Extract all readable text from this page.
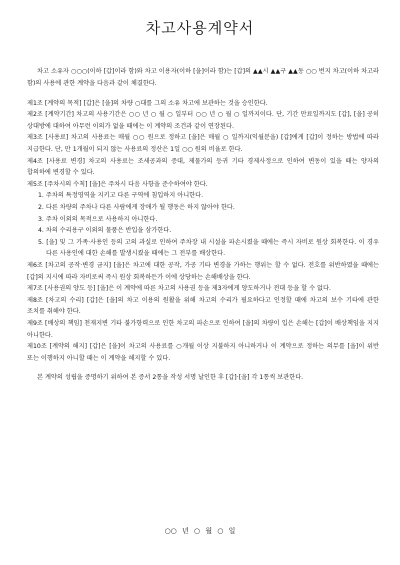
차고사용계약서

차고 소유자 ○○○(이하 [갑]이라 함)와 차고 이용자(이하 [을]이라 함)는 [갑]의 ▲▲시 ▲▲구 ▲▲동 ○○ 번지 차고(이하 차고라 함)의 사용에 관한 계약을 다음과 같이 체결한다.

제1조 [계약의 목적] [갑]은 [을]의 차량 ○대를 그의 소유 차고에 보관하는 것을 승인한다.

제2조 [계약기간] 차고의 사용기간은 ○○ 년 ○ 월 ○ 일부터 ○○ 년 ○ 월 ○ 일까지이다. 단, 기간 만료일까지도 [갑], [을] 공히 상대방에 대하여 아무런 이의가 없을 때에는 이 계약의 조건과 같이 연장된다.

제3조 [사용료] 차고의 사용료는 매월 ○○ 원으로 정하고 [을]은 매월 ○ 일까지(익월분을) [갑]에게 [갑]이 정하는 방법에 따라 지급한다. 단, 만 1개월이 되지 않는 사용료의 정산은 1일 ○○ 원의 비율로 한다.

제4조 [사용료 변경] 차고의 사용료는 조세공과의 증대, 제물가의 등귀 기타 경제사정으로 인하여 변동이 있을 때는 양자의 합의하에 변경할 수 있다.

제5조 [주차시의 수칙] [을]은 주차시 다음 사항을 준수하여야 한다.

1. 주차의 특정영역을 지키고 다른 구역에 침입하지 아니한다.
2. 다른 차량의 주차나 다른 사람에게 장애가 될 행동은 하지 않아야 한다.
3. 주차 이외의 목적으로 사용하지 아니한다.
4. 차의 수리용구 이외의 물품은 반입을 삼가한다.
5. [을] 및 그 가족·사용인 등의 고의 과실로 인하여 주차장 내 시설을 파손시켰을 때에는 즉시 자비로 원상 회복한다. 이 경우 다른 사용인에 대한 손해를 발생시켰을 때에는 그 전부를 배상한다.

제6조 [차고의 공작·변경 금지] [을]은 차고에 대한 공작, 가공 기타 변경을 가하는 행위는 할 수 없다. 전호를 위반하였을 때에는 [갑]의 지시에 따라 자비로써 즉시 원상 회복하든가 이에 상당하는 손해배상을 한다.

제7조 [사용권의 양도 등] [을]은 이 계약에 따른 차고의 사용권 등을 제3자에게 양도하거나 전대 등을 할 수 없다.

제8조 [차고의 수리] [갑]은 [을]의 차고 이용의 원활을 위해 차고의 수리가 필요하다고 인정할 때에 차고의 보수 기타에 관한 조치를 취해야 한다.

제9조 [배상의 책임] 천재지변 기타 불가항력으로 인한 차고의 파손으로 인하여 [을]의 차량이 입은 손해는 [갑]이 배상책임을 지지 아니한다.

제10조 [계약의 해지] [갑]은 [을]이 차고의 사용료를 ○개월 이상 지불하지 아니하거나 이 계약으로 정하는 의무를 [을]이 위반 또는 이행하지 아니할 때는 이 계약을 해지할 수 있다.

본 계약의 성립을 증명하기 위하여 본 증서 2통을 작성 서명 날인한 후 [갑]·[을] 각 1통씩 보관한다.

○○ 년 ○ 월 ○ 일
